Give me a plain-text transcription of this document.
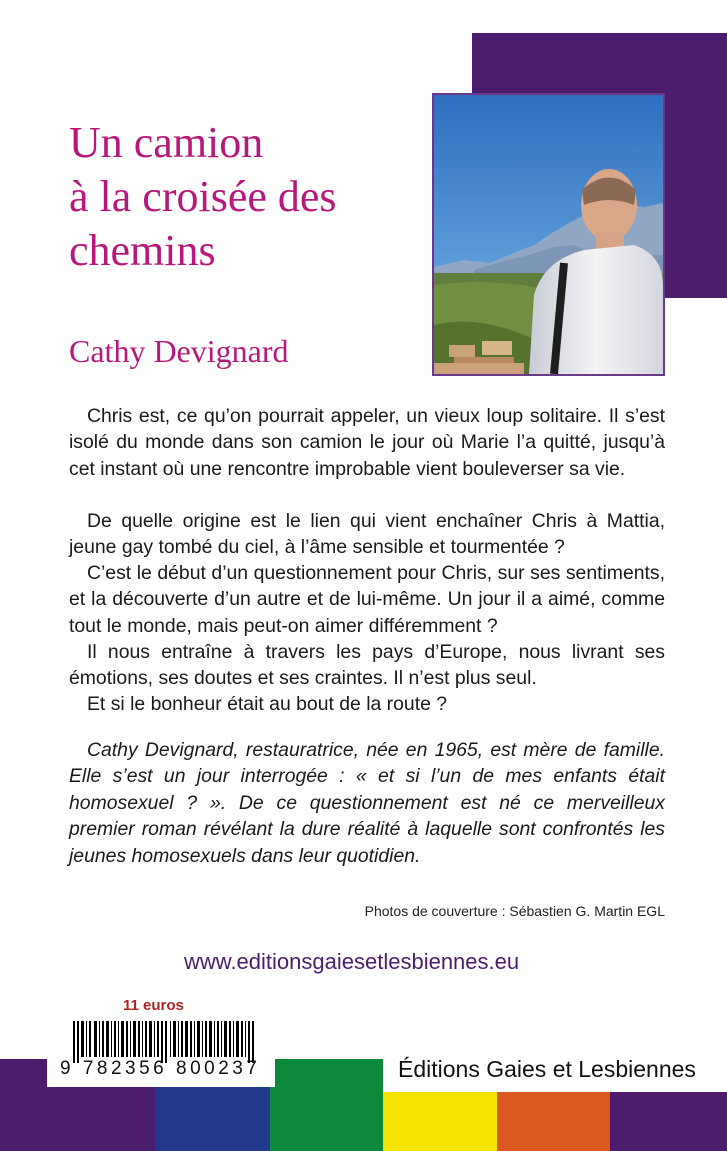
Un camion
à la croisée des
chemins
Cathy Devignard

Chris est, ce qu’on pourrait appeler, un vieux loup solitaire. Il s’est isolé du monde dans son camion le jour où Marie l’a quitté, jusqu’à cet instant où une rencontre improbable vient bouleverser sa vie.

De quelle origine est le lien qui vient enchaîner Chris à Mattia, jeune gay tombé du ciel, à l’âme sensible et tourmentée ?

C’est le début d’un questionnement pour Chris, sur ses sentiments, et la découverte d’un autre et de lui-même. Un jour il a aimé, comme tout le monde, mais peut-on aimer différemment ?

Il nous entraîne à travers les pays d’Europe, nous livrant ses émotions, ses doutes et ses craintes. Il n’est plus seul.

Et si le bonheur était au bout de la route ?

Cathy Devignard, restauratrice, née en 1965, est mère de famille. Elle s’est un jour interrogée : « et si l’un de mes enfants était homosexuel ? ». De ce questionnement est né ce merveilleux premier roman révélant la dure réalité à laquelle sont confrontés les jeunes homosexuels dans leur quotidien.

Photos de couverture : Sébastien G. Martin EGL
www.editionsgaiesetlesbiennes.eu
11 euros
9 782356 800237	Éditions Gaies et Lesbiennes
